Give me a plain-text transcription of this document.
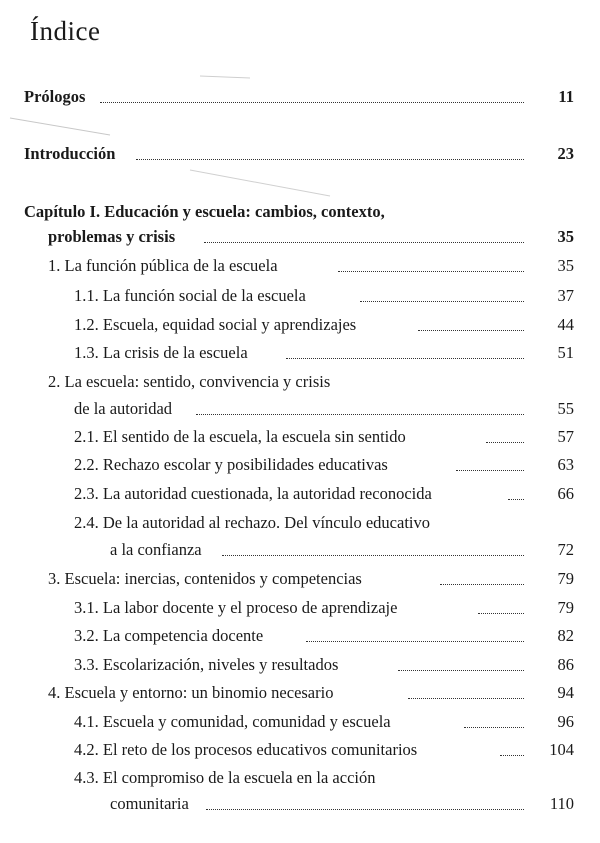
Índice
Prólogos	11
Introducción	23
Capítulo I. Educación y escuela: cambios, contexto,
problemas y crisis	35
1. La función pública de la escuela	35
1.1. La función social de la escuela	37
1.2. Escuela, equidad social y aprendizajes	44
1.3. La crisis de la escuela	51
2. La escuela: sentido, convivencia y crisis
de la autoridad	55
2.1. El sentido de la escuela, la escuela sin sentido	57
2.2. Rechazo escolar y posibilidades educativas	63
2.3. La autoridad cuestionada, la autoridad reconocida	66
2.4. De la autoridad al rechazo. Del vínculo educativo
a la confianza	72
3. Escuela: inercias, contenidos y competencias	79
3.1. La labor docente y el proceso de aprendizaje	79
3.2. La competencia docente	82
3.3. Escolarización, niveles y resultados	86
4. Escuela y entorno: un binomio necesario	94
4.1. Escuela y comunidad, comunidad y escuela	96
4.2. El reto de los procesos educativos comunitarios	104
4.3. El compromiso de la escuela en la acción
comunitaria	110
